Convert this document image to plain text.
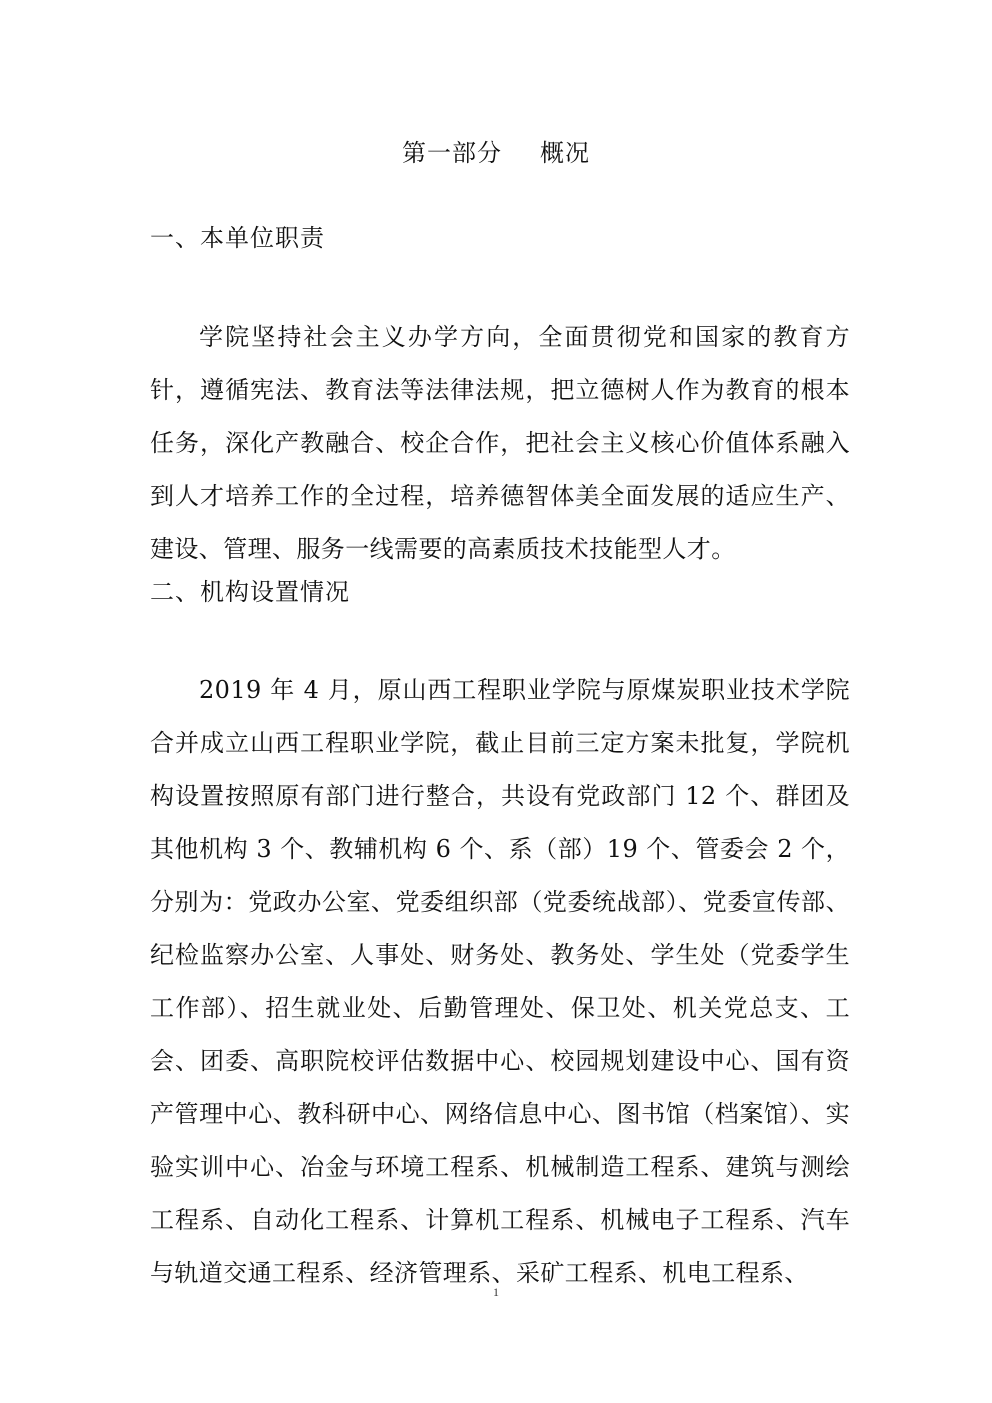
第一部分 概况
一、本单位职责

学院坚持社会主义办学方向，全面贯彻党和国家的教育方针，遵循宪法、教育法等法律法规，把立德树人作为教育的根本任务，深化产教融合、校企合作，把社会主义核心价值体系融入到人才培养工作的全过程，培养德智体美全面发展的适应生产、建设、管理、服务一线需要的高素质技术技能型人才。

二、机构设置情况

2019 年 4 月，原山西工程职业学院与原煤炭职业技术学院合并成立山西工程职业学院，截止目前三定方案未批复，学院机构设置按照原有部门进行整合，共设有党政部门 12 个、群团及其他机构 3 个、教辅机构 6 个、系（部）19 个、管委会 2 个，分别为：党政办公室、党委组织部（党委统战部）、党委宣传部、纪检监察办公室、人事处、财务处、教务处、学生处（党委学生工作部）、招生就业处、后勤管理处、保卫处、机关党总支、工会、团委、高职院校评估数据中心、校园规划建设中心、国有资产管理中心、教科研中心、网络信息中心、图书馆（档案馆）、实验实训中心、冶金与环境工程系、机械制造工程系、建筑与测绘工程系、自动化工程系、计算机工程系、机械电子工程系、汽车与轨道交通工程系、经济管理系、采矿工程系、机电工程系、

1
